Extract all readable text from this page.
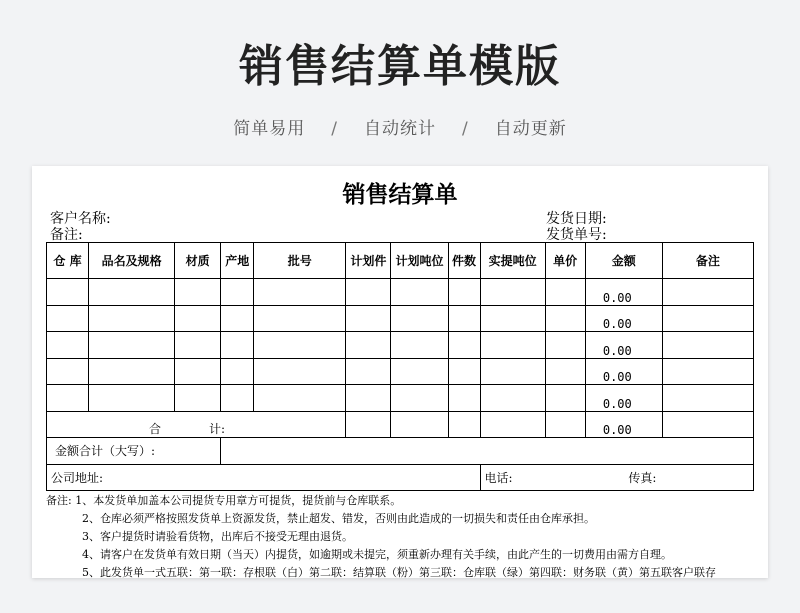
销售结算单模版
简单易用 / 自动统计 / 自动更新
销售结算单
客户名称:
备注:
发货日期:
发货单号:
仓 库	品名及规格	材质	产地	批号	计划件	计划吨位	件数	实提吨位	单价	金额	备注
										0.00	
										0.00	
										0.00	
										0.00	
										0.00	
合 计:										0.00	
金额合计（大写）:											
公司地址:								电话: 传真:			
备注: 1、本发货单加盖本公司提货专用章方可提货，提货前与仓库联系。
2、仓库必须严格按照发货单上资源发货，禁止超发、错发，否则由此造成的一切损失和责任由仓库承担。
3、客户提货时请验看货物，出库后不接受无理由退货。
4、请客户在发货单有效日期（当天）内提货，如逾期或未提完，须重新办理有关手续，由此产生的一切费用由需方自理。
5、此发货单一式五联：第一联：存根联（白）第二联：结算联（粉）第三联：仓库联（绿）第四联：财务联（黄）第五联客户联存
